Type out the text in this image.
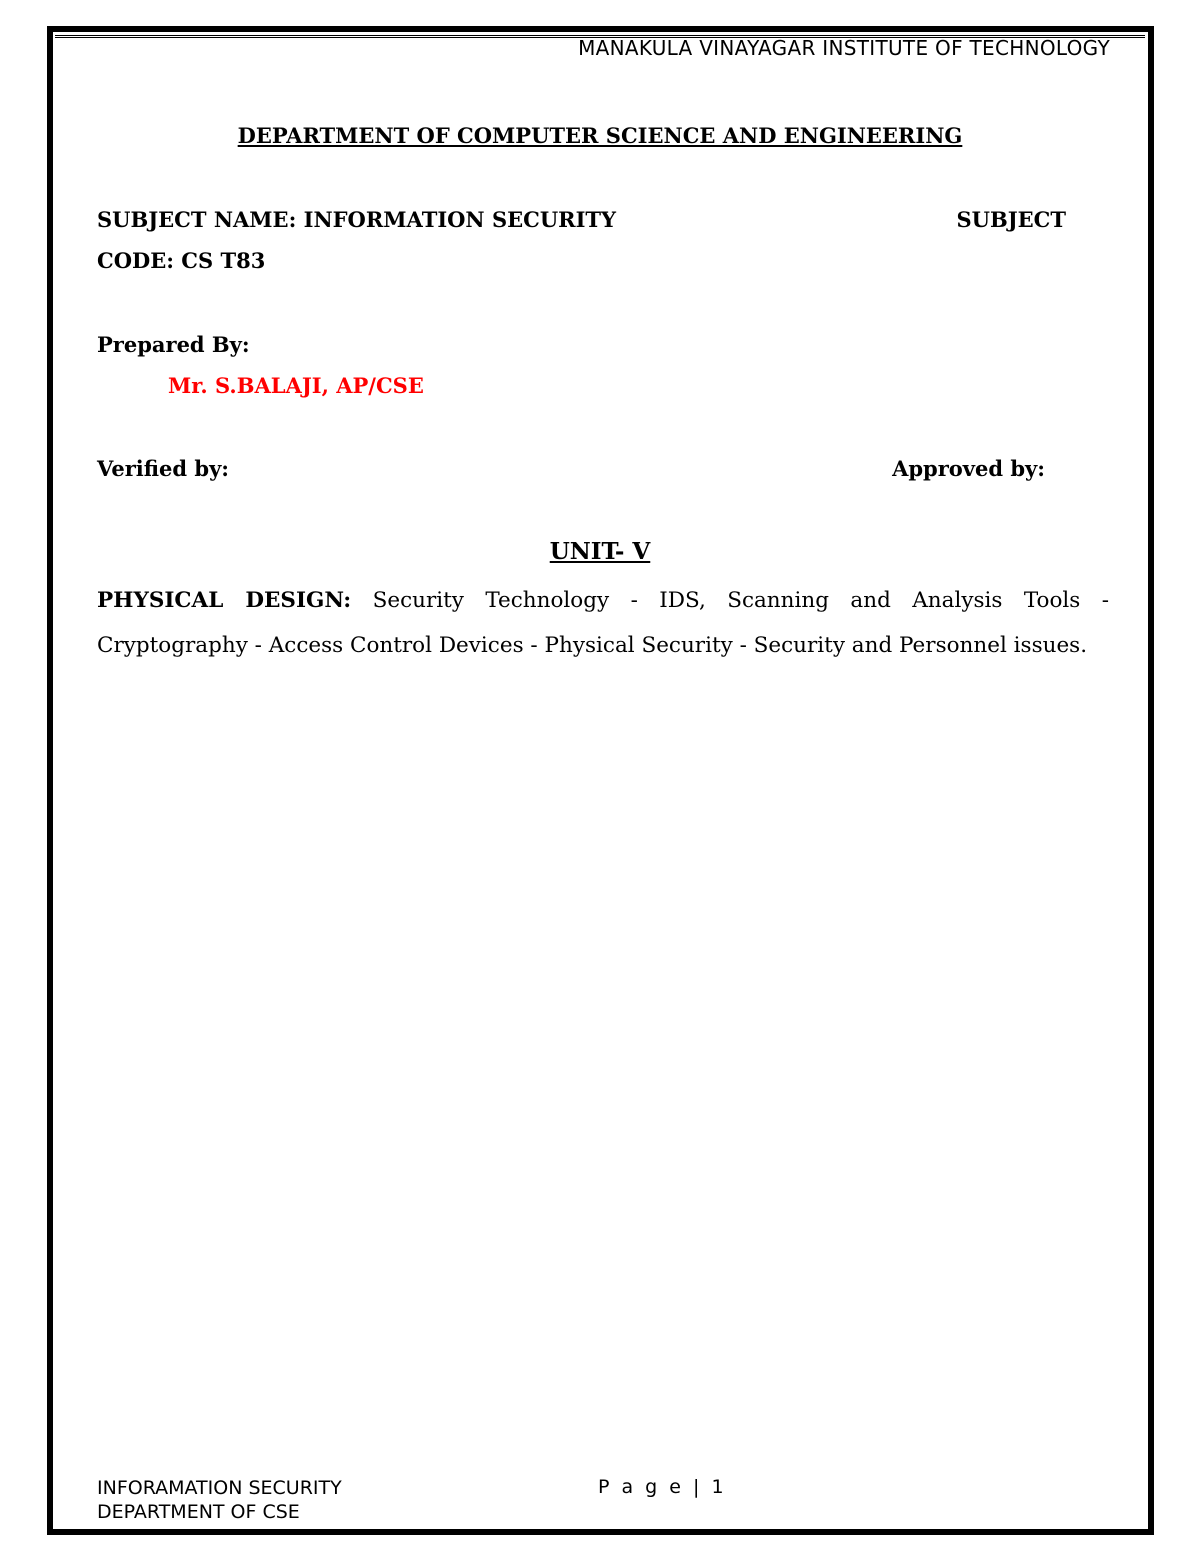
MANAKULA VINAYAGAR INSTITUTE OF TECHNOLOGY
DEPARTMENT OF COMPUTER SCIENCE AND ENGINEERING
SUBJECT NAME: INFORMATION SECURITY	SUBJECT
CODE: CS T83
Prepared By:
Mr. S.BALAJI, AP/CSE
Verified by:	Approved by:
UNIT- V
PHYSICAL DESIGN: Security Technology - IDS, Scanning and Analysis Tools -Cryptography - Access Control Devices - Physical Security - Security and Personnel issues.
INFORAMATION SECURITY
DEPARTMENT OF CSE
P a g e | 1
